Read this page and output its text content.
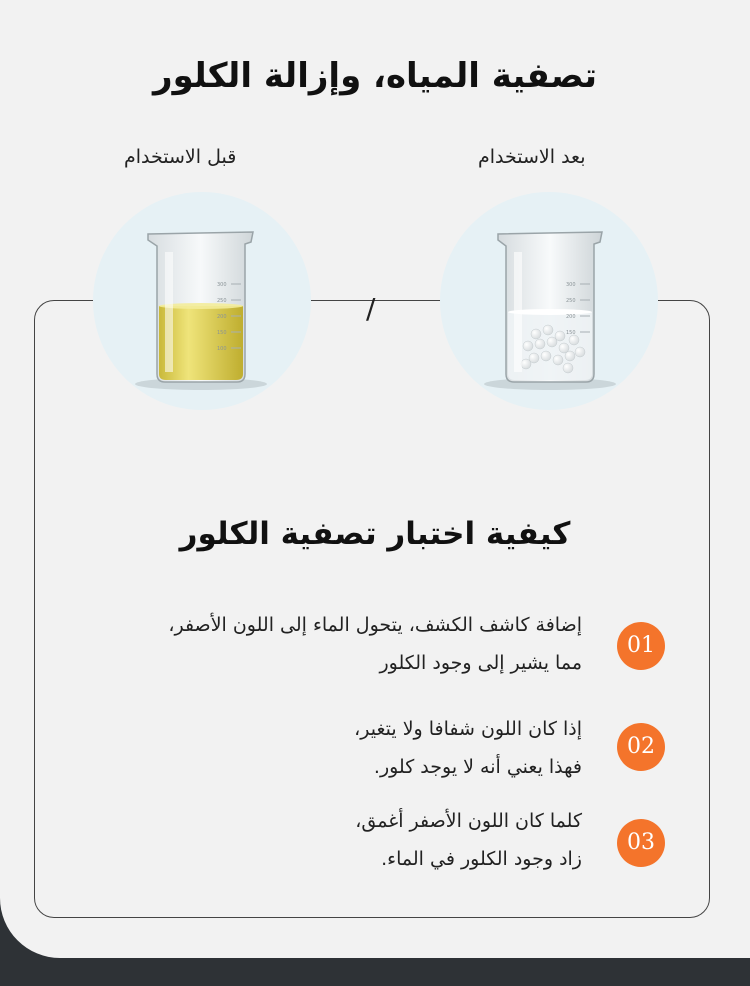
تصفية المياه، وإزالة الكلور
بعد الاستخدام
قبل الاستخدام
300
250
200
150
100
300
250
200
150
/
كيفية اختبار تصفية الكلور
01
إضافة كاشف الكشف، يتحول الماء إلى اللون الأصفر،
مما يشير إلى وجود الكلور
02
إذا كان اللون شفافا ولا يتغير،
فهذا يعني أنه لا يوجد كلور.
03
كلما كان اللون الأصفر أغمق،
زاد وجود الكلور في الماء.
